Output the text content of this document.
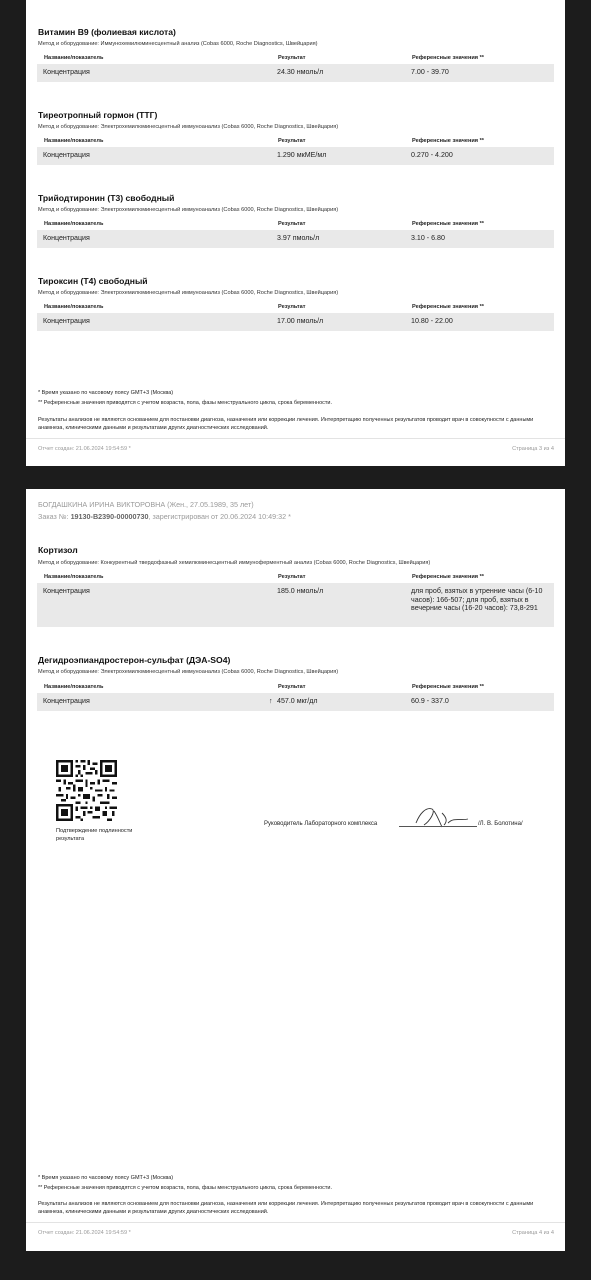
Витамин В9 (фолиевая кислота)
Метод и оборудование: Иммунохемилюминесцентный анализ (Cobas 6000, Roche Diagnostics, Швейцария)
Название/показатель	Результат	Референсные значения **
Концентрация	24.30 нмоль/л	7.00 - 39.70
Тиреотропный гормон (ТТГ)
Метод и оборудование: Электрохемилюминесцентный иммуноанализ (Cobas 6000, Roche Diagnostics, Швейцария)
Название/показатель	Результат	Референсные значения **
Концентрация	1.290 мкМЕ/мл	0.270 - 4.200
Трийодтиронин (Т3) свободный
Метод и оборудование: Электрохемилюминесцентный иммуноанализ (Cobas 6000, Roche Diagnostics, Швейцария)
Название/показатель	Результат	Референсные значения **
Концентрация	3.97 пмоль/л	3.10 - 6.80
Тироксин (Т4) свободный
Метод и оборудование: Электрохемилюминесцентный иммуноанализ (Cobas 6000, Roche Diagnostics, Швейцария)
Название/показатель	Результат	Референсные значения **
Концентрация	17.00 пмоль/л	10.80 - 22.00
* Время указано по часовому поясу GMT+3 (Москва)
** Референсные значения приводятся с учетом возраста, пола, фазы менструального цикла, срока беременности.
Результаты анализов не являются основанием для постановки диагноза, назначения или коррекции лечения. Интерпретацию полученных результатов проводит врач в совокупности с данными анамнеза, клиническими данными и результатами других диагностических исследований.
Отчет создан: 21.06.2024 19:54:59 *	Страница 3 из 4
БОГДАШКИНА ИРИНА ВИКТОРОВНА (Жен., 27.05.1989, 35 лет)
Заказ №: 19130-B2390-00000730, зарегистрирован от 20.06.2024 10:49:32 *
Кортизол
Метод и оборудование: Конкурентный твердофазный хемилюминесцентный иммуноферментный анализ (Cobas 6000, Roche Diagnostics, Швейцария)
Название/показатель	Результат	Референсные значения **
Концентрация	185.0 нмоль/л	для проб, взятых в утренние часы (6-10 часов): 166-507; для проб, взятых в вечерние часы (16-20 часов): 73,8-291
Дегидроэпиандростерон-сульфат (ДЭА-SO4)
Метод и оборудование: Электрохемилюминесцентный иммуноанализ (Cobas 6000, Roche Diagnostics, Швейцария)
Название/показатель	Результат	Референсные значения **
Концентрация	↑ 457.0 мкг/дл	60.9 - 337.0
Подтверждение подлинности результата
Руководитель Лабораторного комплекса	/Л. В. Болотина/
* Время указано по часовому поясу GMT+3 (Москва)
** Референсные значения приводятся с учетом возраста, пола, фазы менструального цикла, срока беременности.
Результаты анализов не являются основанием для постановки диагноза, назначения или коррекции лечения. Интерпретацию полученных результатов проводит врач в совокупности с данными анамнеза, клиническими данными и результатами других диагностических исследований.
Отчет создан: 21.06.2024 19:54:59 *	Страница 4 из 4
